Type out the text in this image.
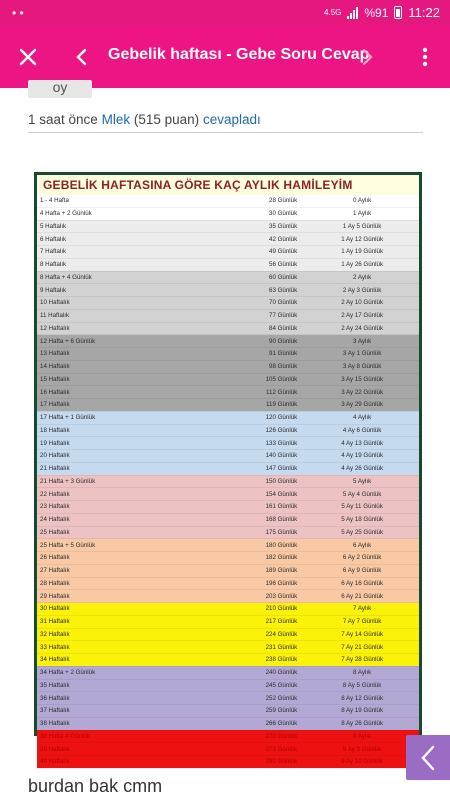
• •	4.5G %91 11:22
Gebelik haftası - Gebe Soru Cevap
oy
1 saat önce Mlek (515 puan) cevapladı
GEBELİK HAFTASINA GÖRE KAÇ AYLIK HAMİLEYİM
1 - 4 Hafta	28 Günlük	0 Aylık
4 Hafta + 2 Günlük	30 Günlük	1 Aylık
5 Haftalık	35 Günlük	1 Ay 5 Günlük
6 Haftalık	42 Günlük	1 Ay 12 Günlük
7 Haftalık	49 Günlük	1 Ay 19 Günlük
8 Haftalık	56 Günlük	1 Ay 26 Günlük
8 Hafta + 4 Günlük	60 Günlük	2 Aylık
9 Haftalık	63 Günlük	2 Ay 3 Günlük
10 Haftalık	70 Günlük	2 Ay 10 Günlük
11 Haftalık	77 Günlük	2 Ay 17 Günlük
12 Haftalık	84 Günlük	2 Ay 24 Günlük
12 Hafta + 6 Günlük	90 Günlük	3 Aylık
13 Haftalık	91 Günlük	3 Ay 1 Günlük
14 Haftalık	98 Günlük	3 Ay 8 Günlük
15 Haftalık	105 Günlük	3 Ay 15 Günlük
16 Haftalık	112 Günlük	3 Ay 22 Günlük
17 Haftalık	119 Günlük	3 Ay 29 Günlük
17 Hafta + 1 Günlük	120 Günlük	4 Aylık
18 Haftalık	126 Günlük	4 Ay 6 Günlük
19 Haftalık	133 Günlük	4 Ay 13 Günlük
20 Haftalık	140 Günlük	4 Ay 19 Günlük
21 Haftalık	147 Günlük	4 Ay 26 Günlük
21 Hafta + 3 Günlük	150 Günlük	5 Aylık
22 Haftalık	154 Günlük	5 Ay 4 Günlük
23 Haftalık	161 Günlük	5 Ay 11 Günlük
24 Haftalık	168 Günlük	5 Ay 18 Günlük
25 Haftalık	175 Günlük	5 Ay 25 Günlük
25 Hafta + 5 Günlük	180 Günlük	6 Aylık
26 Haftalık	182 Günlük	6 Ay 2 Günlük
27 Haftalık	189 Günlük	6 Ay 9 Günlük
28 Haftalık	196 Günlük	6 Ay 16 Günlük
29 Haftalık	203 Günlük	6 Ay 21 Günlük
30 Haftalık	210 Günlük	7 Aylık
31 Haftalık	217 Günlük	7 Ay 7 Günlük
32 Haftalık	224 Günlük	7 Ay 14 Günlük
33 Haftalık	231 Günlük	7 Ay 21 Günlük
34 Haftalık	238 Günlük	7 Ay 28 Günlük
34 Hafta + 2 Günlük	240 Günlük	8 Aylık
35 Haftalık	245 Günlük	8 Ay 5 Günlük
36 Haftalık	252 Günlük	8 Ay 12 Günlük
37 Haftalık	259 Günlük	8 Ay 19 Günlük
38 Haftalık	266 Günlük	8 Ay 26 Günlük
38 Hafta 4 Günlük	270 Günlük	9 Aylık
39 Haftalık	273 Günlük	9 Ay 3 Günlük
40 Haftalık	280 Günlük	9 Ay 10 Günlük
burdan bak cmm
